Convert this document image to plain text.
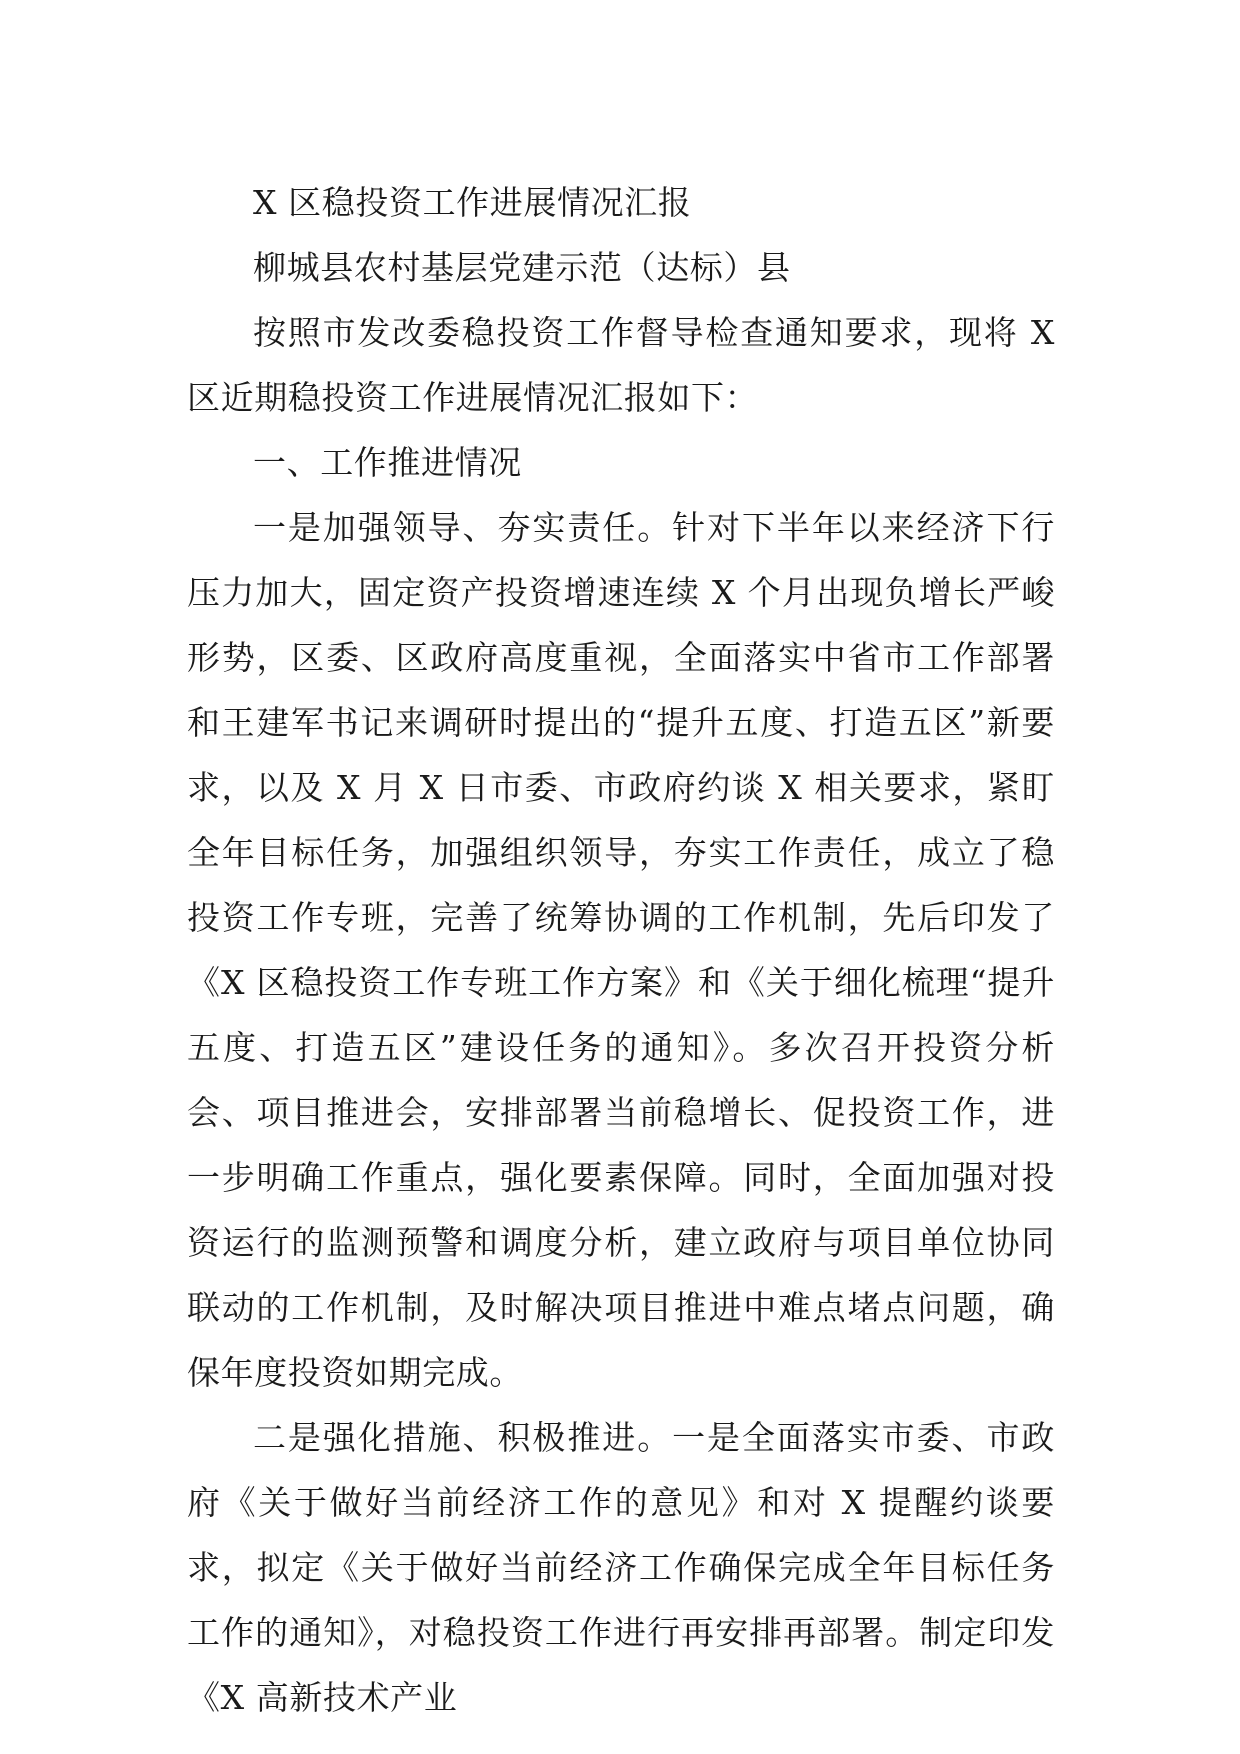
X 区稳投资工作进展情况汇报

柳城县农村基层党建示范（达标）县

按照市发改委稳投资工作督导检查通知要求，现将 X 区近期稳投资工作进展情况汇报如下：

一、工作推进情况

一是加强领导、夯实责任。针对下半年以来经济下行压力加大，固定资产投资增速连续 X 个月出现负增长严峻形势，区委、区政府高度重视，全面落实中省市工作部署和王建军书记来调研时提出的“提升五度、打造五区”新要求，以及 X 月 X 日市委、市政府约谈 X 相关要求，紧盯全年目标任务，加强组织领导，夯实工作责任，成立了稳投资工作专班，完善了统筹协调的工作机制，先后印发了《X 区稳投资工作专班工作方案》和《关于细化梳理“提升五度、打造五区”建设任务的通知》。多次召开投资分析会、项目推进会，安排部署当前稳增长、促投资工作，进一步明确工作重点，强化要素保障。同时，全面加强对投资运行的监测预警和调度分析，建立政府与项目单位协同联动的工作机制，及时解决项目推进中难点堵点问题，确保年度投资如期完成。

二是强化措施、积极推进。一是全面落实市委、市政府《关于做好当前经济工作的意见》和对 X 提醒约谈要求，拟定《关于做好当前经济工作确保完成全年目标任务工作的通知》，对稳投资工作进行再安排再部署。制定印发《X 高新技术产业
